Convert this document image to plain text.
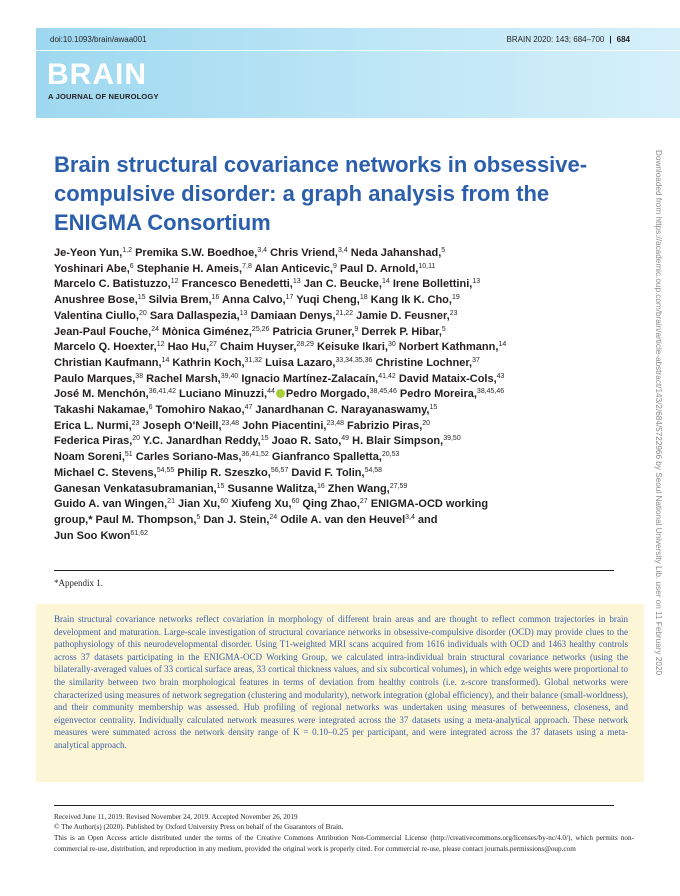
doi:10.1093/brain/awaa001	BRAIN 2020: 143; 684–700 | 684
BRAIN
A JOURNAL OF NEUROLOGY
Downloaded from https://academic.oup.com/brain/article-abstract/143/2/684/5722966 by Seoul National University Lib. user on 11 February 2020
Brain structural covariance networks in obsessive-compulsive disorder: a graph analysis from the ENIGMA Consortium
Je-Yeon Yun,$^{1,2}$ Premika S.W. Boedhoe,$^{3,4}$ Chris Vriend,$^{3,4}$ Neda Jahanshad,$^5$
Yoshinari Abe,$^6$ Stephanie H. Ameis,$^{7,8}$ Alan Anticevic,$^9$ Paul D. Arnold,$^{10,11}$
Marcelo C. Batistuzzo,$^{12}$ Francesco Benedetti,$^{13}$ Jan C. Beucke,$^{14}$ Irene Bollettini,$^{13}$
Anushree Bose,$^{15}$ Silvia Brem,$^{16}$ Anna Calvo,$^{17}$ Yuqi Cheng,$^{18}$ Kang Ik K. Cho,$^{19}$
Valentina Ciullo,$^{20}$ Sara Dallaspezia,$^{13}$ Damiaan Denys,$^{21,22}$ Jamie D. Feusner,$^{23}$
Jean-Paul Fouche,$^{24}$ Mònica Giménez,$^{25,26}$ Patricia Gruner,$^9$ Derrek P. Hibar,$^5$
Marcelo Q. Hoexter,$^{12}$ Hao Hu,$^{27}$ Chaim Huyser,$^{28,29}$ Keisuke Ikari,$^{30}$ Norbert Kathmann,$^{14}$
Christian Kaufmann,$^{14}$ Kathrin Koch,$^{31,32}$ Luisa Lazaro,$^{33,34,35,36}$ Christine Lochner,$^{37}$
Paulo Marques,$^{38}$ Rachel Marsh,$^{39,40}$ Ignacio Martínez-Zalacaín,$^{41,42}$ David Mataix-Cols,$^{43}$
José M. Menchón,$^{36,41,42}$ Luciano Minuzzi,$^{44}$ Pedro Morgado,$^{38,45,46}$ Pedro Moreira,$^{38,45,46}$
Takashi Nakamae,$^6$ Tomohiro Nakao,$^{47}$ Janardhanan C. Narayanaswamy,$^{15}$
Erica L. Nurmi,$^{23}$ Joseph O'Neill,$^{23,48}$ John Piacentini,$^{23,48}$ Fabrizio Piras,$^{20}$
Federica Piras,$^{20}$ Y.C. Janardhan Reddy,$^{15}$ Joao R. Sato,$^{49}$ H. Blair Simpson,$^{39,50}$
Noam Soreni,$^{51}$ Carles Soriano-Mas,$^{36,41,52}$ Gianfranco Spalletta,$^{20,53}$
Michael C. Stevens,$^{54,55}$ Philip R. Szeszko,$^{56,57}$ David F. Tolin,$^{54,58}$
Ganesan Venkatasubramanian,$^{15}$ Susanne Walitza,$^{16}$ Zhen Wang,$^{27,59}$
Guido A. van Wingen,$^{21}$ Jian Xu,$^{60}$ Xiufeng Xu,$^{60}$ Qing Zhao,$^{27}$ ENIGMA-OCD working
group,* Paul M. Thompson,$^5$ Dan J. Stein,$^{24}$ Odile A. van den Heuvel$^{3,4}$ and
Jun Soo Kwon$^{61,62}$
*Appendix 1.
Brain structural covariance networks reflect covariation in morphology of different brain areas and are thought to reflect common trajectories in brain development and maturation. Large-scale investigation of structural covariance networks in obsessive-compulsive disorder (OCD) may provide clues to the pathophysiology of this neurodevelopmental disorder. Using T1-weighted MRI scans acquired from 1616 individuals with OCD and 1463 healthy controls across 37 datasets participating in the ENIGMA-OCD Working Group, we calculated intra-individual brain structural covariance networks (using the bilaterally-averaged values of 33 cortical surface areas, 33 cortical thickness values, and six subcortical volumes), in which edge weights were proportional to the similarity between two brain morphological features in terms of deviation from healthy controls (i.e. z-score transformed). Global networks were characterized using measures of network segregation (clustering and modularity), network integration (global efficiency), and their balance (small-worldness), and their community membership was assessed. Hub profiling of regional networks was undertaken using measures of betweenness, closeness, and eigenvector centrality. Individually calculated network measures were integrated across the 37 datasets using a meta-analytical approach. These network measures were summated across the network density range of K = 0.10–0.25 per participant, and were integrated across the 37 datasets using a meta-analytical approach.
Received June 11, 2019. Revised November 24, 2019. Accepted November 26, 2019
© The Author(s) (2020). Published by Oxford University Press on behalf of the Guarantors of Brain.
This is an Open Access article distributed under the terms of the Creative Commons Attribution Non-Commercial License (http://creativecommons.org/licenses/by-nc/4.0/), which permits non-commercial re-use, distribution, and reproduction in any medium, provided the original work is properly cited. For commercial re-use, please contact journals.permissions@oup.com
